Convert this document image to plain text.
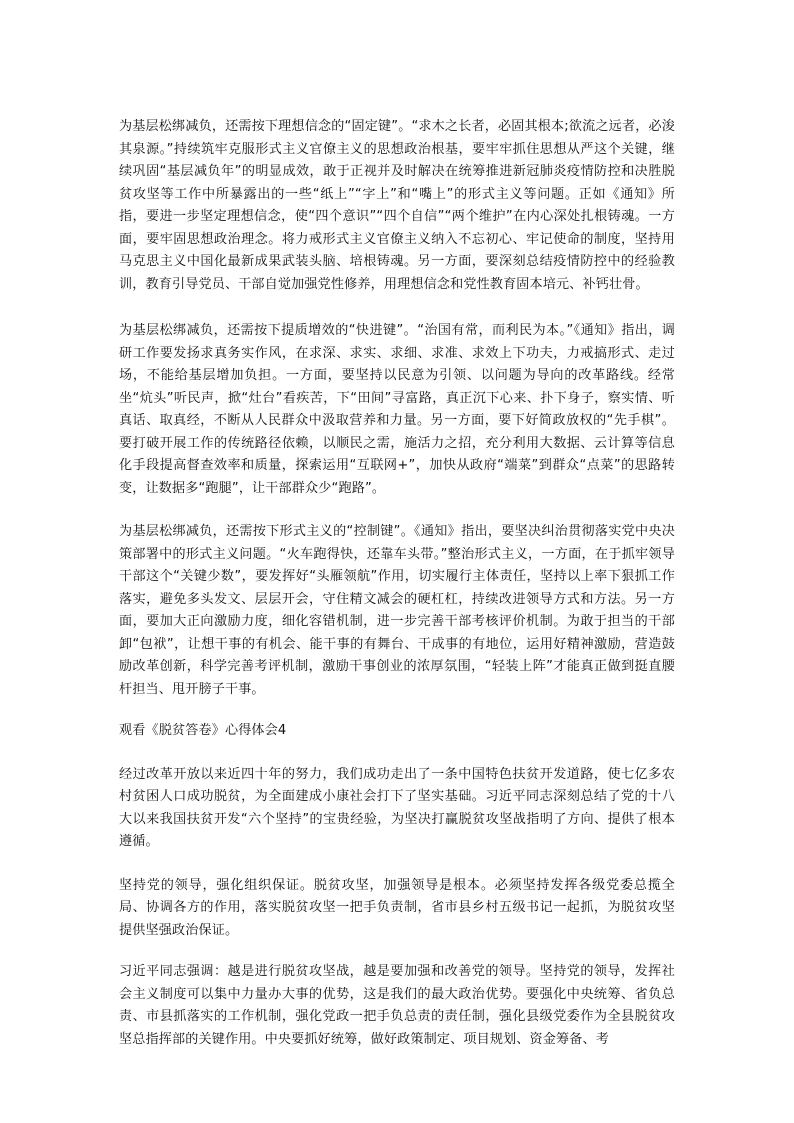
为基层松绑减负，还需按下理想信念的“固定键”。“求木之长者，必固其根本;欲流之远者，必浚其泉源。”持续筑牢克服形式主义官僚主义的思想政治根基，要牢牢抓住思想从严这个关键，继续巩固“基层减负年”的明显成效，敢于正视并及时解决在统筹推进新冠肺炎疫情防控和决胜脱贫攻坚等工作中所暴露出的一些“纸上”“字上”和“嘴上”的形式主义等问题。正如《通知》所指，要进一步坚定理想信念，使“四个意识”“四个自信”“两个维护”在内心深处扎根铸魂。一方面，要牢固思想政治理念。将力戒形式主义官僚主义纳入不忘初心、牢记使命的制度，坚持用马克思主义中国化最新成果武装头脑、培根铸魂。另一方面，要深刻总结疫情防控中的经验教训，教育引导党员、干部自觉加强党性修养，用理想信念和党性教育固本培元、补钙壮骨。

为基层松绑减负，还需按下提质增效的“快进键”。“治国有常，而利民为本。”《通知》指出，调研工作要发扬求真务实作风，在求深、求实、求细、求准、求效上下功夫，力戒搞形式、走过场，不能给基层增加负担。一方面，要坚持以民意为引领、以问题为导向的改革路线。经常坐“炕头”听民声，掀“灶台”看疾苦，下“田间”寻富路，真正沉下心来、扑下身子，察实情、听真话、取真经，不断从人民群众中汲取营养和力量。另一方面，要下好简政放权的“先手棋”。要打破开展工作的传统路径依赖，以顺民之需，施活力之招，充分利用大数据、云计算等信息化手段提高督查效率和质量，探索运用“互联网+”，加快从政府“端菜”到群众“点菜”的思路转变，让数据多“跑腿”，让干部群众少“跑路”。

为基层松绑减负，还需按下形式主义的“控制键”。《通知》指出，要坚决纠治贯彻落实党中央决策部署中的形式主义问题。“火车跑得快，还靠车头带。”整治形式主义，一方面，在于抓牢领导干部这个“关键少数”，要发挥好“头雁领航”作用，切实履行主体责任，坚持以上率下狠抓工作落实，避免多头发文、层层开会，守住精文减会的硬杠杠，持续改进领导方式和方法。另一方面，要加大正向激励力度，细化容错机制，进一步完善干部考核评价机制。为敢于担当的干部卸“包袱”，让想干事的有机会、能干事的有舞台、干成事的有地位，运用好精神激励，营造鼓励改革创新，科学完善考评机制，激励干事创业的浓厚氛围，“轻装上阵”才能真正做到挺直腰杆担当、甩开膀子干事。

观看《脱贫答卷》心得体会4

经过改革开放以来近四十年的努力，我们成功走出了一条中国特色扶贫开发道路，使七亿多农村贫困人口成功脱贫，为全面建成小康社会打下了坚实基础。习近平同志深刻总结了党的十八大以来我国扶贫开发“六个坚持”的宝贵经验，为坚决打赢脱贫攻坚战指明了方向、提供了根本遵循。

坚持党的领导，强化组织保证。脱贫攻坚，加强领导是根本。必须坚持发挥各级党委总揽全局、协调各方的作用，落实脱贫攻坚一把手负责制，省市县乡村五级书记一起抓，为脱贫攻坚提供坚强政治保证。

习近平同志强调：越是进行脱贫攻坚战，越是要加强和改善党的领导。坚持党的领导，发挥社会主义制度可以集中力量办大事的优势，这是我们的最大政治优势。要强化中央统筹、省负总责、市县抓落实的工作机制，强化党政一把手负总责的责任制，强化县级党委作为全县脱贫攻坚总指挥部的关键作用。中央要抓好统筹，做好政策制定、项目规划、资金筹备、考
